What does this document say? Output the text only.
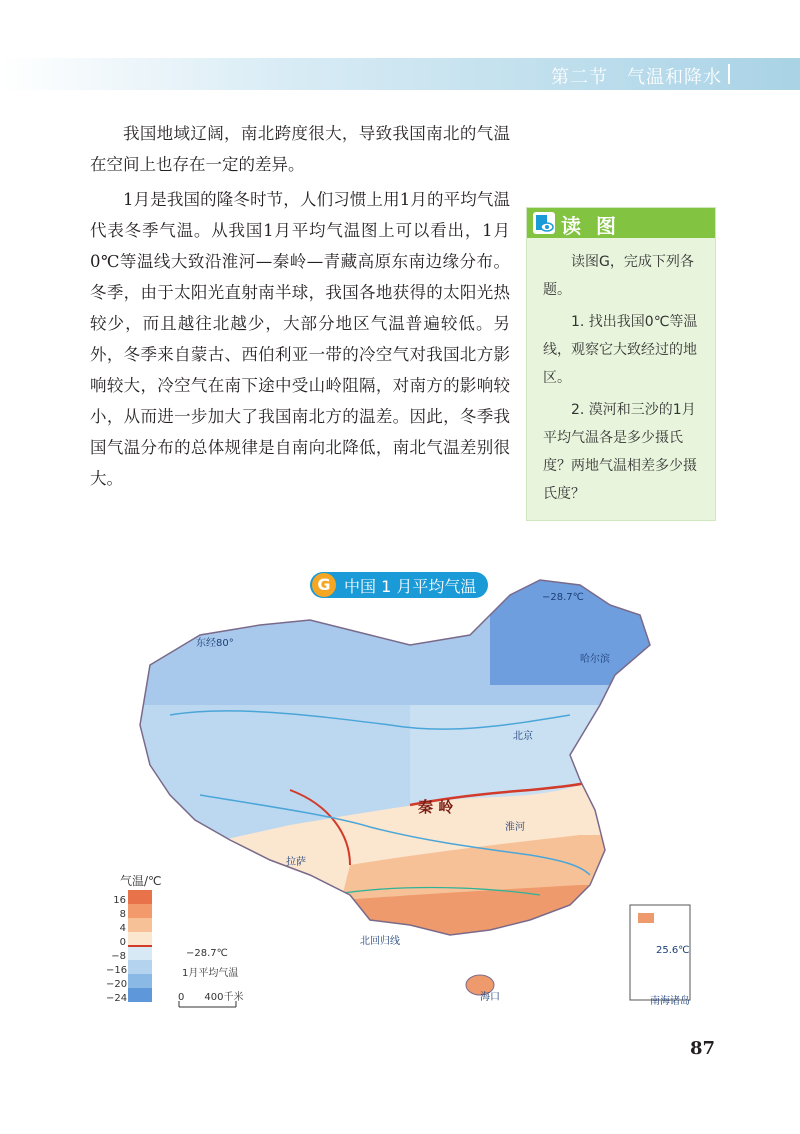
第二节　气温和降水

我国地域辽阔，南北跨度很大，导致我国南北的气温在空间上也存在一定的差异。

1月是我国的隆冬时节，人们习惯上用1月的平均气温代表冬季气温。从我国1月平均气温图上可以看出，1月0℃等温线大致沿淮河—秦岭—青藏高原东南边缘分布。冬季，由于太阳光直射南半球，我国各地获得的太阳光热较少，而且越往北越少，大部分地区气温普遍较低。另外，冬季来自蒙古、西伯利亚一带的冷空气对我国北方影响较大，冷空气在南下途中受山岭阻隔，对南方的影响较小，从而进一步加大了我国南北方的温差。因此，冬季我国气温分布的总体规律是自南向北降低，南北气温差别很大。

读 图

读图G，完成下列各题。

1. 找出我国0℃等温线，观察它大致经过的地区。

2. 漠河和三沙的1月平均气温各是多少摄氏度？两地气温相差多少摄氏度？

G 中国 1 月平均气温
−28.7℃
哈尔滨
北京
拉萨
海口
秦 岭
淮河
北回归线
东经80°
南海诸岛
25.6℃
气温/℃
16
8
4
0
−8
−16
−20
−24
−28.7℃
1月平均气温
0　　400千米
87
